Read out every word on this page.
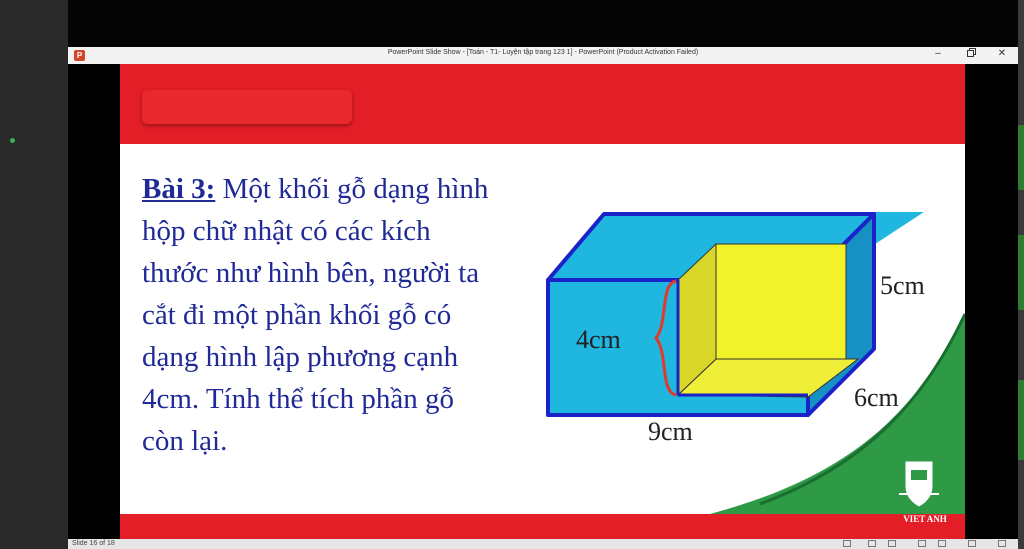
P	PowerPoint Slide Show - [Toán - T1- Luyện tập trang 123 1] - PowerPoint (Product Activation Failed)	–	✕
Bài 3: Một khối gỗ dạng hình hộp chữ nhật có các kích thước như hình bên, người ta cắt đi một phần khối gỗ có dạng hình lập phương cạnh 4cm. Tính thể tích phần gỗ còn lại.
5cm
4cm
6cm
9cm
VIET ANH
Slide 16 of 18
